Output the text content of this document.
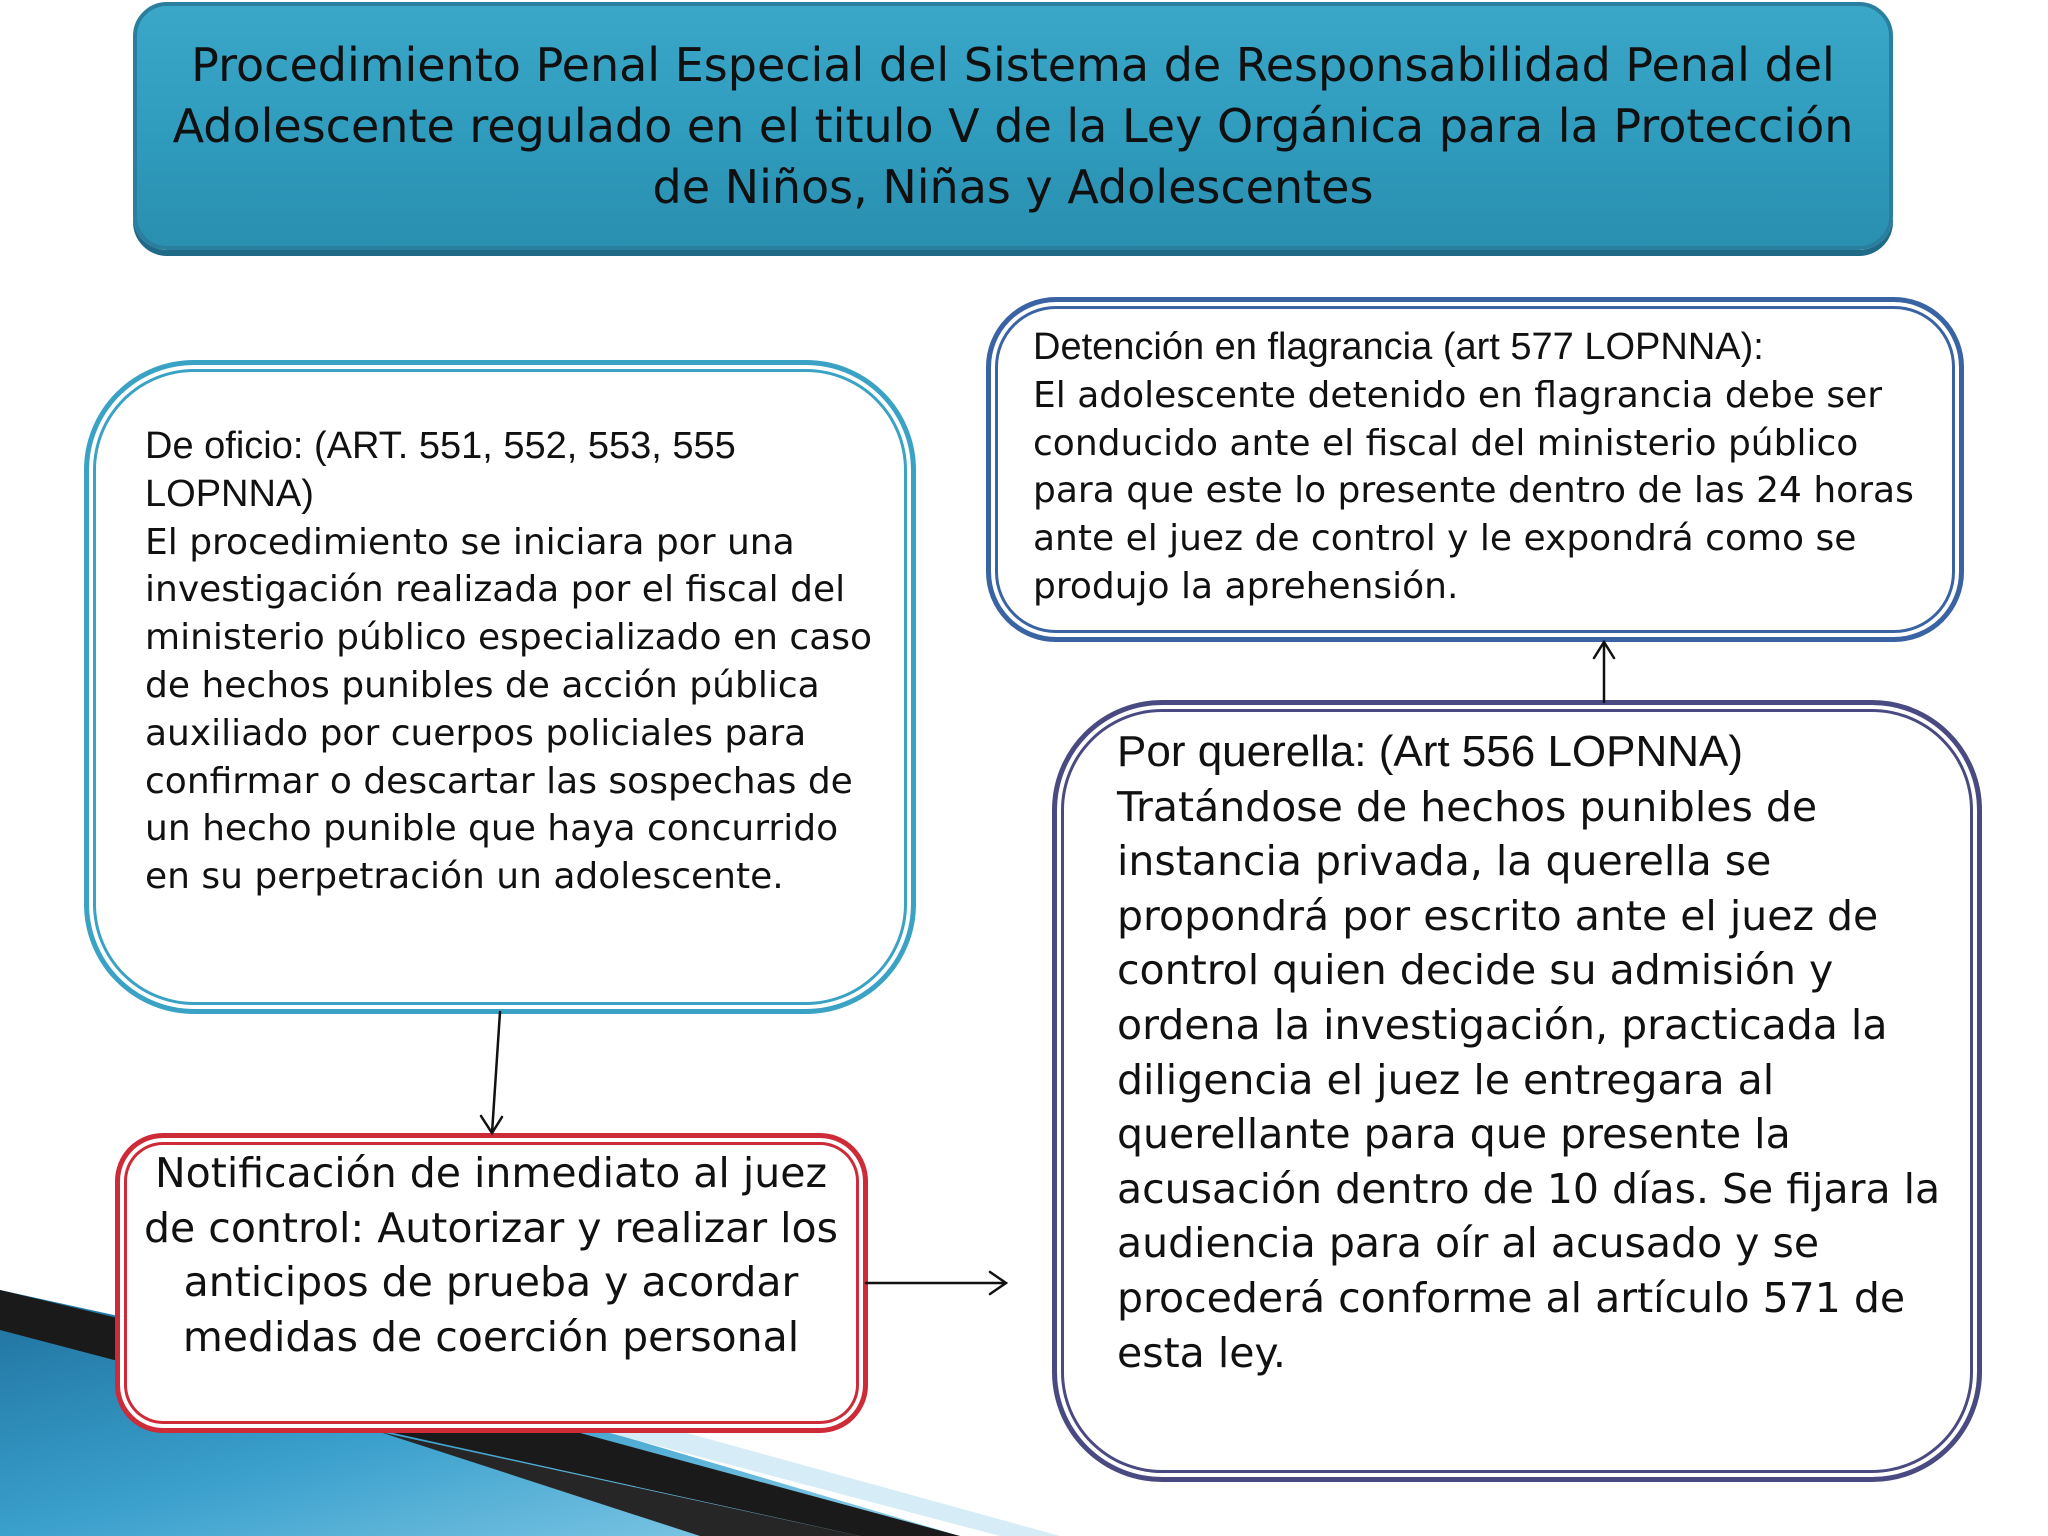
Procedimiento Penal Especial del Sistema de Responsabilidad Penal del Adolescente regulado en el titulo V de la Ley Orgánica para la Protección de Niños, Niñas y Adolescentes
De oficio: (ART. 551, 552, 553, 555
LOPNNA)
El procedimiento se iniciara por una investigación realizada por el fiscal del ministerio público especializado en caso de hechos punibles de acción pública auxiliado por cuerpos policiales para confirmar o descartar las sospechas de un hecho punible que haya concurrido en su perpetración un adolescente.
Detención en flagrancia (art 577 LOPNNA):
El adolescente detenido en flagrancia debe ser conducido ante el fiscal del ministerio público para que este lo presente dentro de las 24 horas ante el juez de control y le expondrá como se produjo la aprehensión.
Por querella: (Art 556 LOPNNA)
Tratándose de hechos punibles de instancia privada, la querella se propondrá por escrito ante el juez de control quien decide su admisión y ordena la investigación, practicada la diligencia el juez le entregara al querellante para que presente la acusación dentro de 10 días. Se fijara la audiencia para oír al acusado y se procederá conforme al artículo 571 de esta ley.
Notificación de inmediato al juez de control: Autorizar y realizar los anticipos de prueba y acordar medidas de coerción personal
